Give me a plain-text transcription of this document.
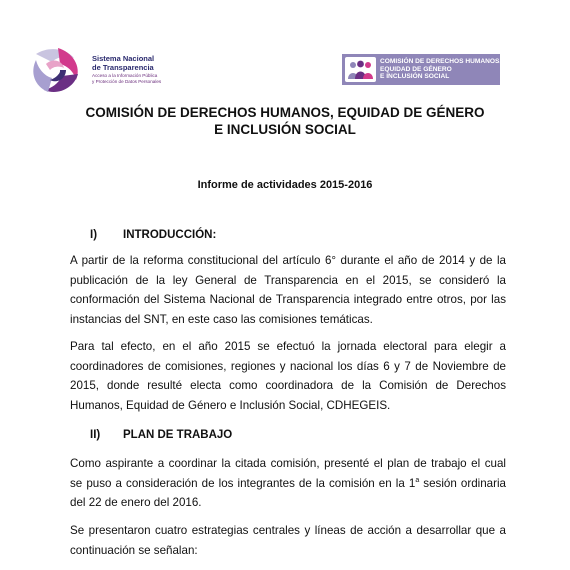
Sistema Nacional
de Transparencia
Acceso a la Información Pública
y Protección de Datos Personales
COMISIÓN DE DERECHOS HUMANOS,
EQUIDAD DE GÉNERO
E INCLUSIÓN SOCIAL
COMISIÓN DE DERECHOS HUMANOS, EQUIDAD DE GÉNERO
E INCLUSIÓN SOCIAL
Informe de actividades 2015-2016
I) INTRODUCCIÓN:
A partir de la reforma constitucional del artículo 6° durante el año de 2014 y de la
publicación de la ley General de Transparencia en el 2015, se consideró la
conformación del Sistema Nacional de Transparencia integrado entre otros, por las
instancias del SNT, en este caso las comisiones temáticas.
Para tal efecto, en el año 2015 se efectuó la jornada electoral para elegir a
coordinadores de comisiones, regiones y nacional los días 6 y 7 de Noviembre de
2015, donde resulté electa como coordinadora de la Comisión de Derechos
Humanos, Equidad de Género e Inclusión Social, CDHEGEIS.
II) PLAN DE TRABAJO
Como aspirante a coordinar la citada comisión, presenté el plan de trabajo el cual
se puso a consideración de los integrantes de la comisión en la 1$^a$ sesión ordinaria
del 22 de enero del 2016.
Se presentaron cuatro estrategias centrales y líneas de acción a desarrollar que a
continuación se señalan:
